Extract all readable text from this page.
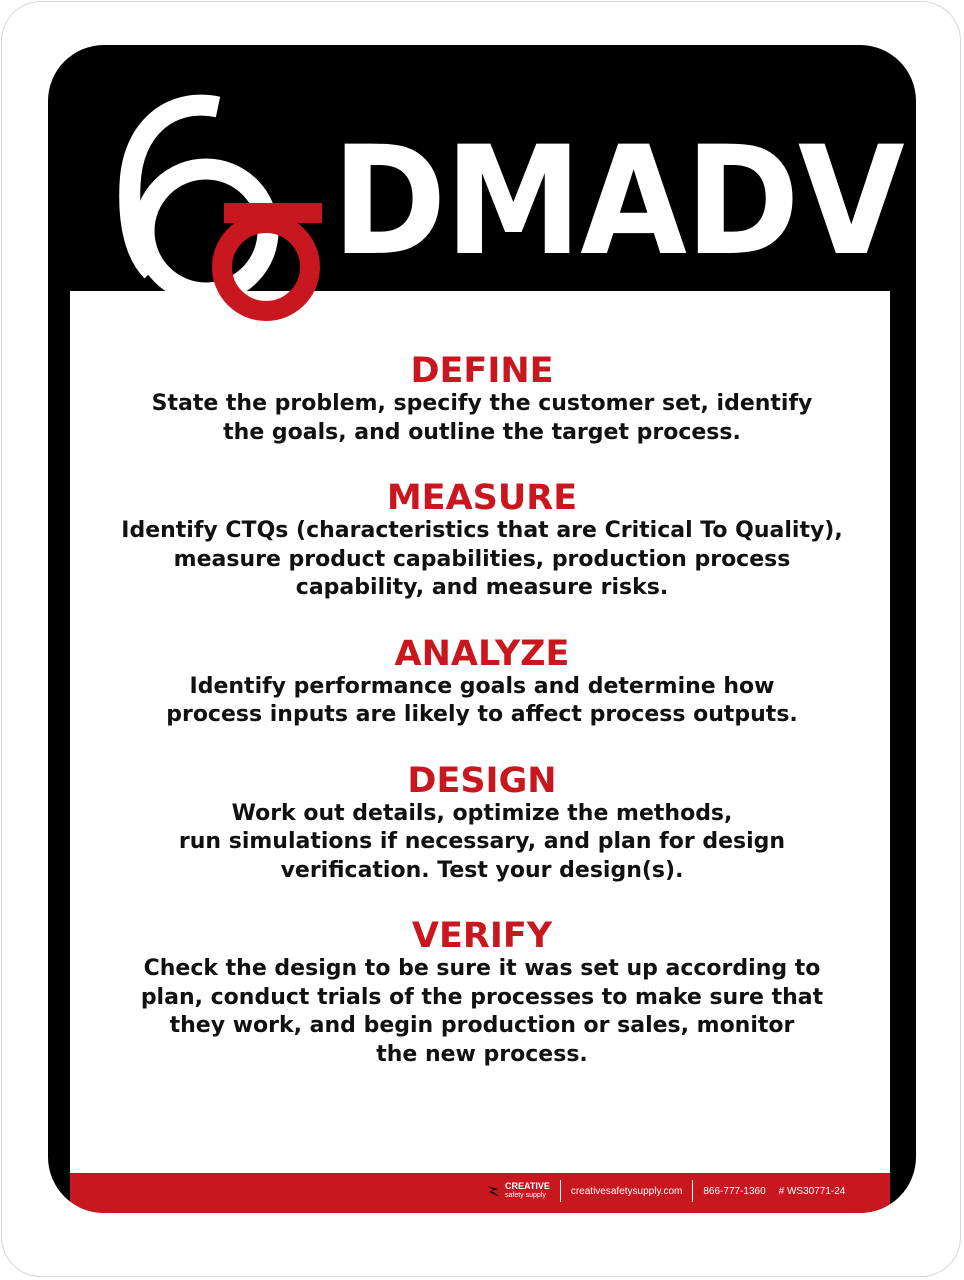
DMADV
DEFINE

State the problem, specify the customer set, identify
the goals, and outline the target process.

MEASURE

Identify CTQs (characteristics that are Critical To Quality),
measure product capabilities, production process
capability, and measure risks.

ANALYZE

Identify performance goals and determine how
process inputs are likely to affect process outputs.

DESIGN

Work out details, optimize the methods,
run simulations if necessary, and plan for design
verification. Test your design(s).

VERIFY

Check the design to be sure it was set up according to
plan, conduct trials of the processes to make sure that
they work, and begin production or sales, monitor
the new process.

CREATIVE
safety supply	creativesafetysupply.com 866-777-1360 # WS30771-24
